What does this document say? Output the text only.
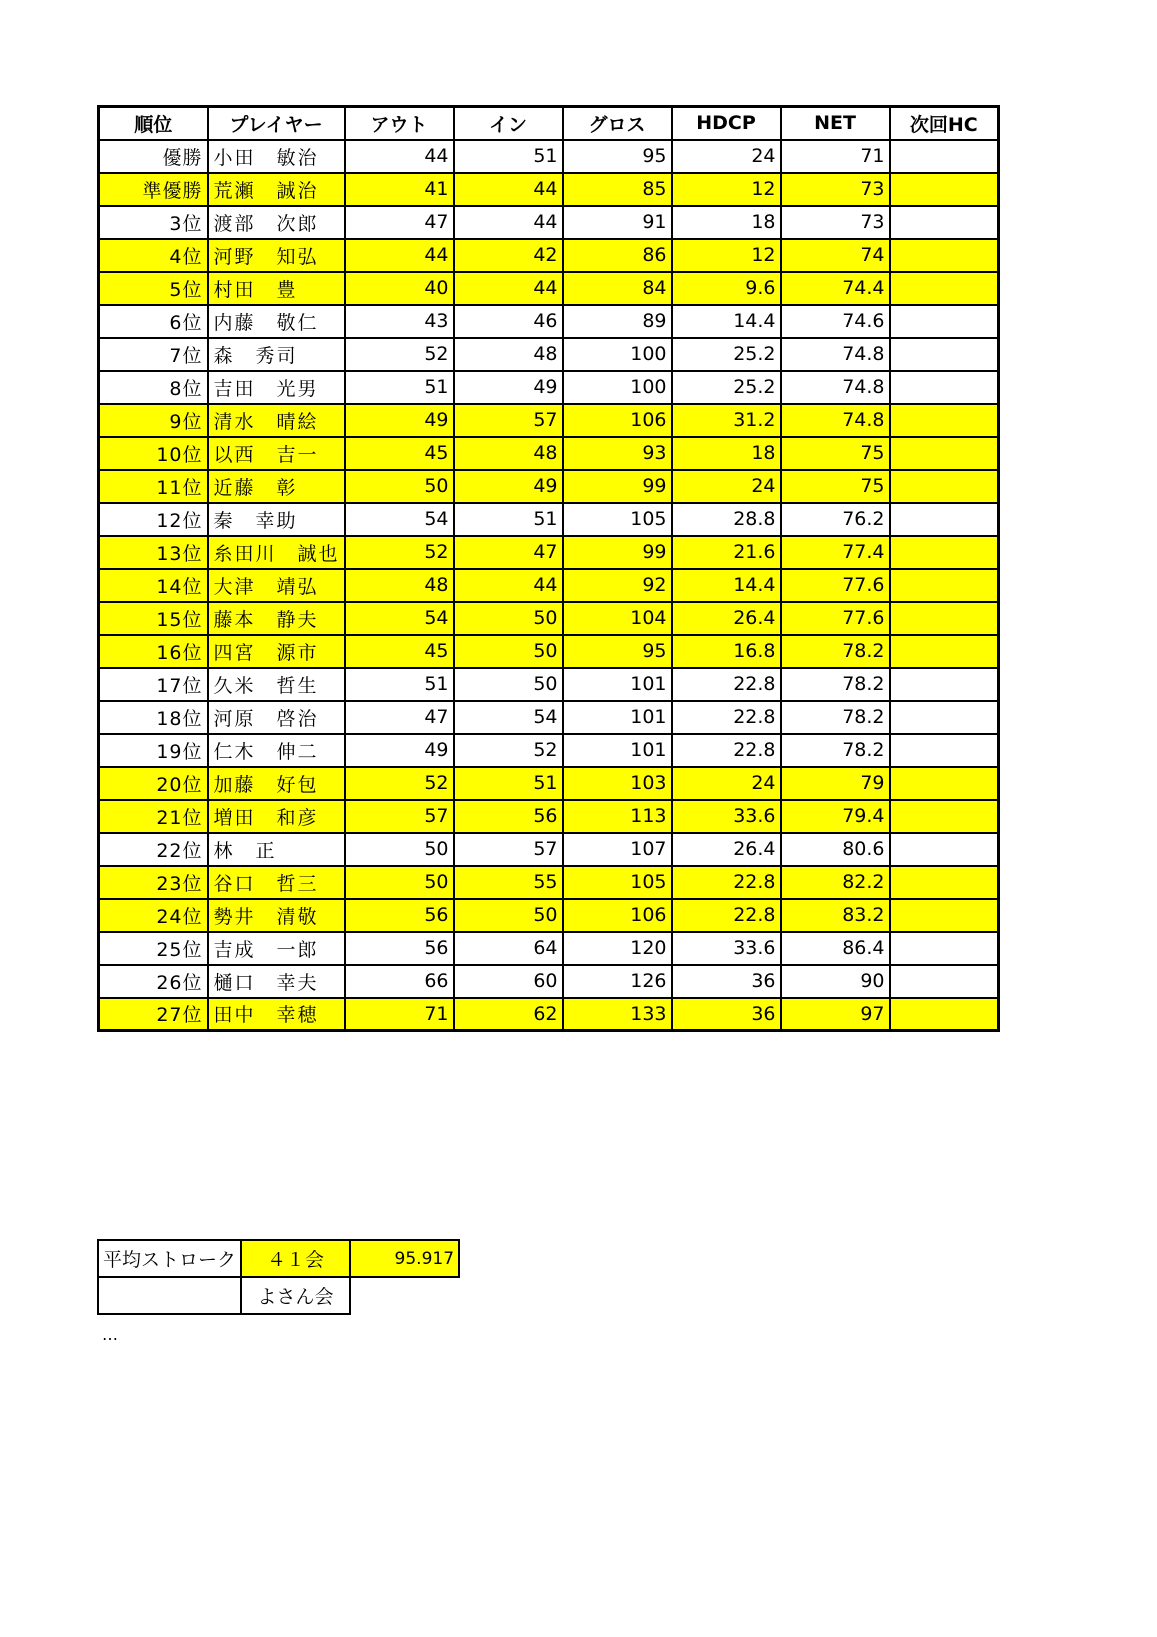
順位	プレイヤー	アウト	イン	グロス	HDCP	NET	次回HC
優勝	小田　敏治	44	51	95	24	71	
準優勝	荒瀬　誠治	41	44	85	12	73	
3位	渡部　次郎	47	44	91	18	73	
4位	河野　知弘	44	42	86	12	74	
5位	村田　豊	40	44	84	9.6	74.4	
6位	内藤　敬仁	43	46	89	14.4	74.6	
7位	森　秀司	52	48	100	25.2	74.8	
8位	吉田　光男	51	49	100	25.2	74.8	
9位	清水　晴絵	49	57	106	31.2	74.8	
10位	以西　吉一	45	48	93	18	75	
11位	近藤　彰	50	49	99	24	75	
12位	秦　幸助	54	51	105	28.8	76.2	
13位	糸田川　誠也	52	47	99	21.6	77.4	
14位	大津　靖弘	48	44	92	14.4	77.6	
15位	藤本　静夫	54	50	104	26.4	77.6	
16位	四宮　源市	45	50	95	16.8	78.2	
17位	久米　哲生	51	50	101	22.8	78.2	
18位	河原　啓治	47	54	101	22.8	78.2	
19位	仁木　伸二	49	52	101	22.8	78.2	
20位	加藤　好包	52	51	103	24	79	
21位	増田　和彦	57	56	113	33.6	79.4	
22位	林　正	50	57	107	26.4	80.6	
23位	谷口　哲三	50	55	105	22.8	82.2	
24位	勢井　清敬	56	50	106	22.8	83.2	
25位	吉成　一郎	56	64	120	33.6	86.4	
26位	樋口　幸夫	66	60	126	36	90	
27位	田中　幸穂	71	62	133	36	97	
平均ストローク	４１会	95.917
	よさん会	
…
